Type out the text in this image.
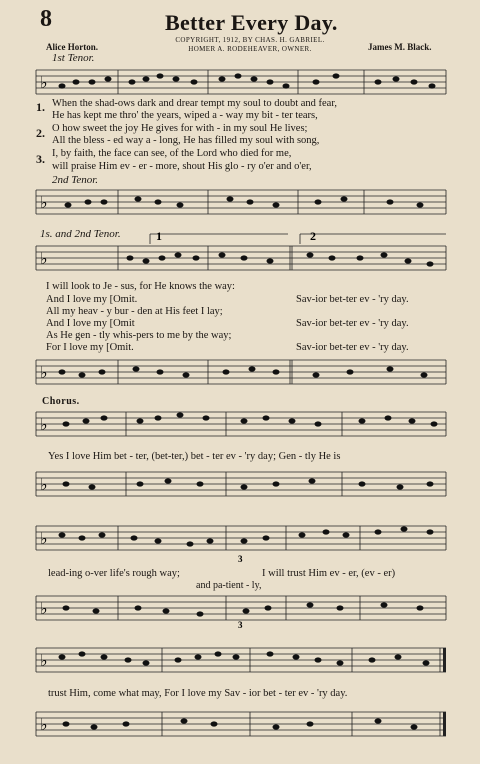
8	Better Every Day.
COPYRIGHT, 1912, BY CHAS. H. GABRIEL.
HOMER A. RODEHEAVER, OWNER.
Alice Horton.	James M. Black.
1st Tenor.
♭
1. When the shad-ows dark and drear tempt my soul to doubt and fear,
He has kept me thro' the years, wiped a - way my bit - ter tears,
2. O how sweet the joy He gives for with - in my soul He lives;
All the bless - ed way a - long, He has filled my soul with song,
3. I, by faith, the face can see, of the Lord who died for me,
will praise Him ev - er - more, shout His glo - ry o'er and o'er,
2nd Tenor.
♭
1s. and 2nd Tenor.	1	2
♭
I will look to Je - sus, for He knows the way:
And I love my [Omit.	Sav-ior bet-ter ev - 'ry day.
All my heav - y bur - den at His feet I lay;
And I love my [Omit	Sav-ior bet-ter ev - 'ry day.
As He gen - tly whis-pers to me by the way;
For I love my [Omit.	Sav-ior bet-ter ev - 'ry day.
♭
Chorus.
♭
Yes I love Him bet - ter, (bet-ter,) bet - ter ev - 'ry day; Gen - tly He is
♭
♭
3
lead-ing o-ver life's rough way;	I will trust Him ev - er, (ev - er)
and pa-tient - ly,
♭
3
♭
trust Him, come what may, For I love my Sav - ior bet - ter ev - 'ry day.
♭
